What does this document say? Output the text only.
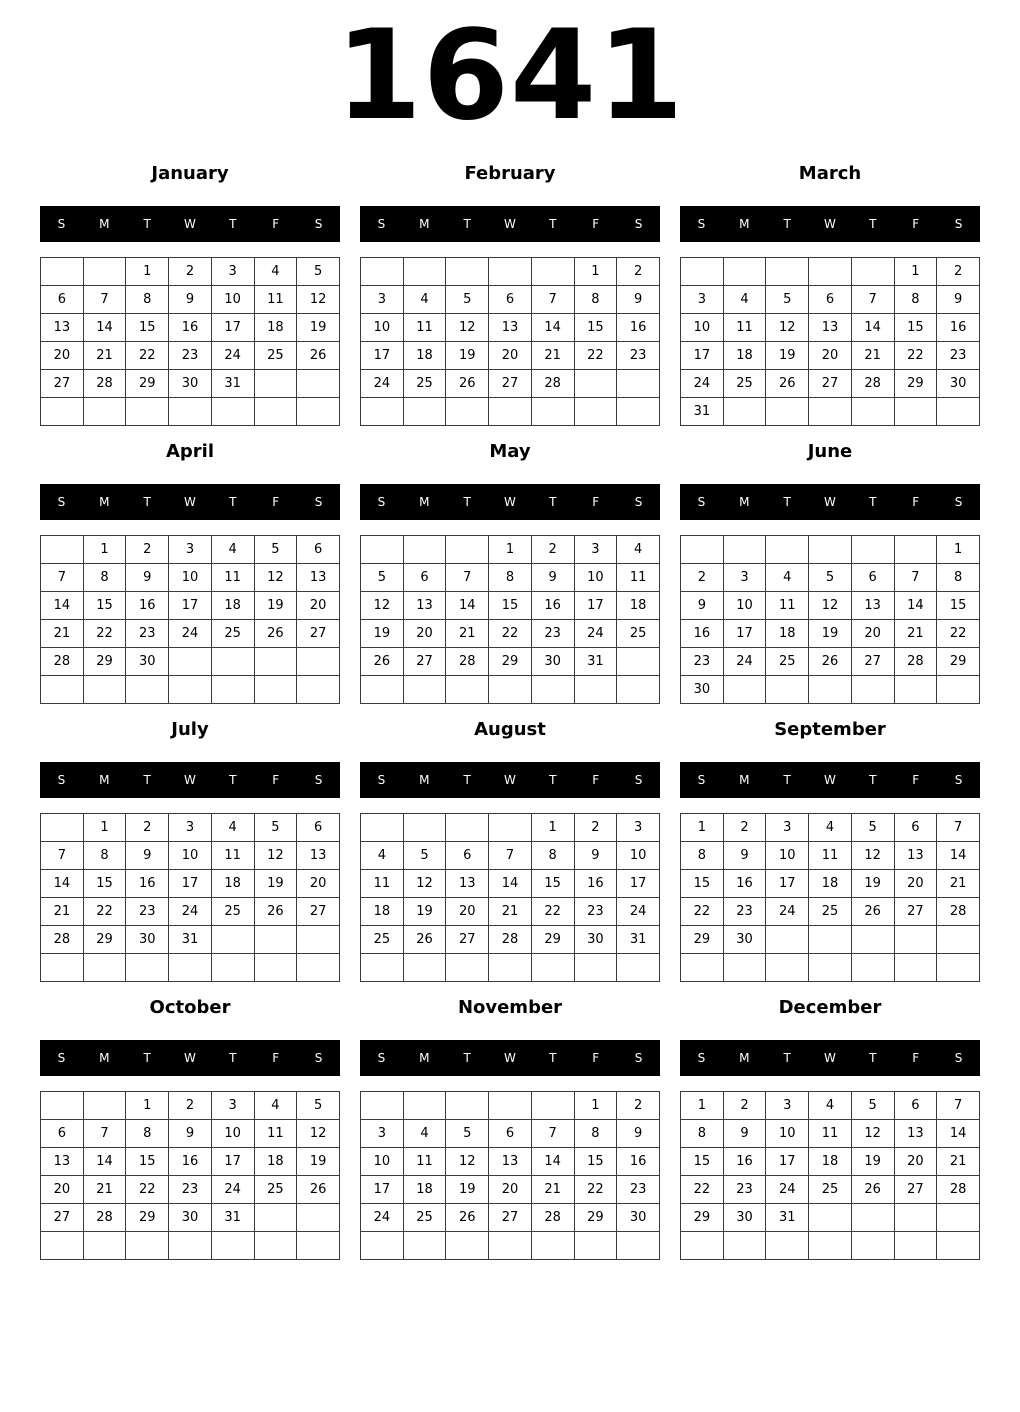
1641
January
S	M	T	W	T	F	S
		1	2	3	4	5
6	7	8	9	10	11	12
13	14	15	16	17	18	19
20	21	22	23	24	25	26
27	28	29	30	31		

February
S	M	T	W	T	F	S
					1	2
3	4	5	6	7	8	9
10	11	12	13	14	15	16
17	18	19	20	21	22	23
24	25	26	27	28		

March
S	M	T	W	T	F	S
					1	2
3	4	5	6	7	8	9
10	11	12	13	14	15	16
17	18	19	20	21	22	23
24	25	26	27	28	29	30
31						
April
S	M	T	W	T	F	S
	1	2	3	4	5	6
7	8	9	10	11	12	13
14	15	16	17	18	19	20
21	22	23	24	25	26	27
28	29	30				

May
S	M	T	W	T	F	S
			1	2	3	4
5	6	7	8	9	10	11
12	13	14	15	16	17	18
19	20	21	22	23	24	25
26	27	28	29	30	31	

June
S	M	T	W	T	F	S
						1
2	3	4	5	6	7	8
9	10	11	12	13	14	15
16	17	18	19	20	21	22
23	24	25	26	27	28	29
30						
July
S	M	T	W	T	F	S
	1	2	3	4	5	6
7	8	9	10	11	12	13
14	15	16	17	18	19	20
21	22	23	24	25	26	27
28	29	30	31			

August
S	M	T	W	T	F	S
				1	2	3
4	5	6	7	8	9	10
11	12	13	14	15	16	17
18	19	20	21	22	23	24
25	26	27	28	29	30	31

September
S	M	T	W	T	F	S
1	2	3	4	5	6	7
8	9	10	11	12	13	14
15	16	17	18	19	20	21
22	23	24	25	26	27	28
29	30					

October
S	M	T	W	T	F	S
		1	2	3	4	5
6	7	8	9	10	11	12
13	14	15	16	17	18	19
20	21	22	23	24	25	26
27	28	29	30	31		

November
S	M	T	W	T	F	S
					1	2
3	4	5	6	7	8	9
10	11	12	13	14	15	16
17	18	19	20	21	22	23
24	25	26	27	28	29	30

December
S	M	T	W	T	F	S
1	2	3	4	5	6	7
8	9	10	11	12	13	14
15	16	17	18	19	20	21
22	23	24	25	26	27	28
29	30	31				
